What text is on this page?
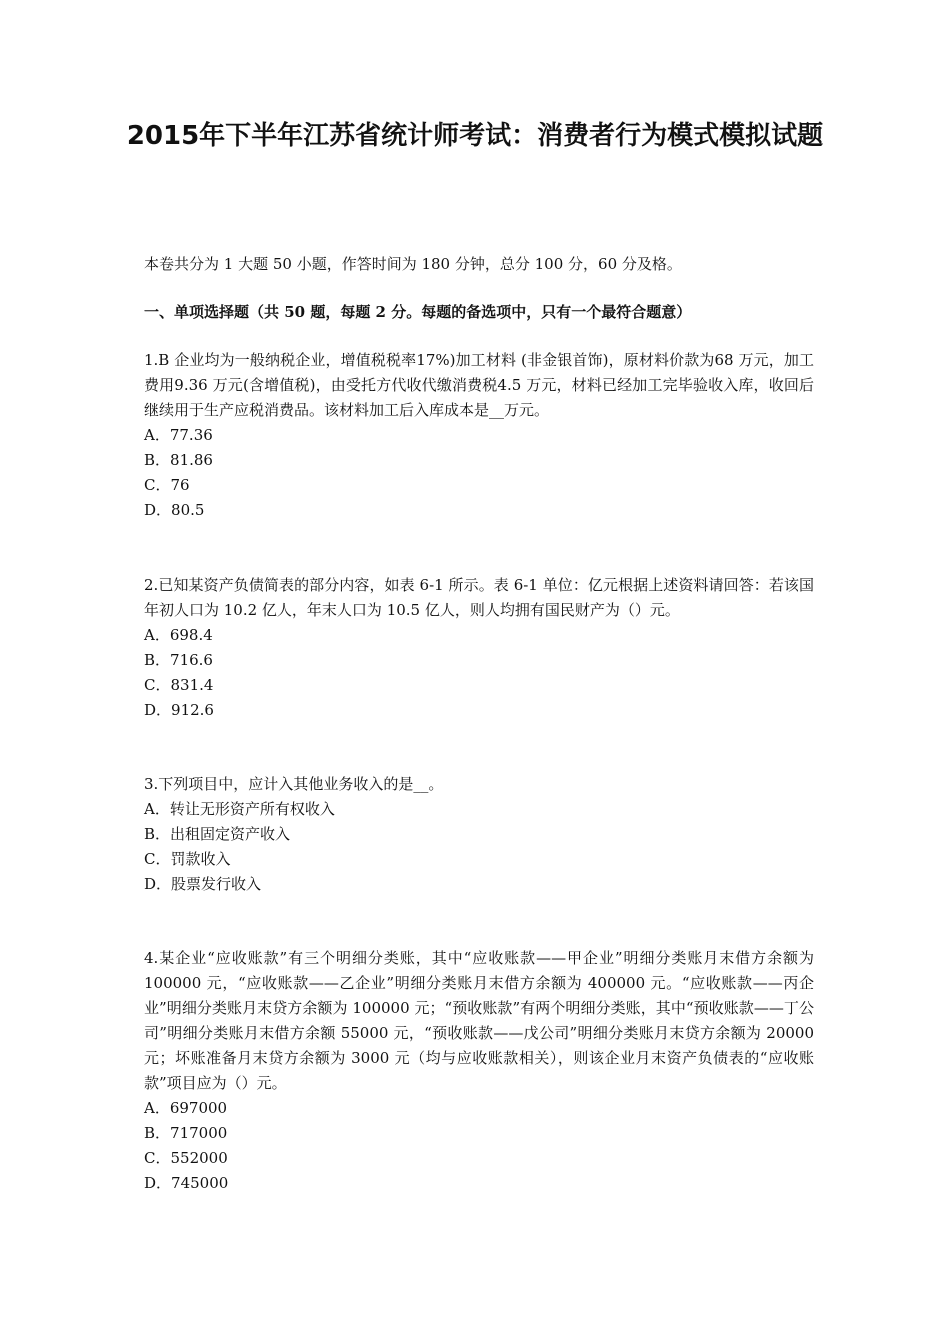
2015年下半年江苏省统计师考试：消费者行为模式模拟试题
本卷共分为 1 大题 50 小题，作答时间为 180 分钟，总分 100 分，60 分及格。
一、单项选择题（共 50 题，每题 2 分。每题的备选项中，只有一个最符合题意）

1.B 企业均为一般纳税企业，增值税税率17%)加工材料 (非金银首饰)，原材料价款为68 万元，加工费用9.36 万元(含增值税)，由受托方代收代缴消费税4.5 万元，材料已经加工完毕验收入库，收回后继续用于生产应税消费品。该材料加工后入库成本是__万元。

A．77.36

B．81.86

C．76

D．80.5

2.已知某资产负债简表的部分内容，如表 6-1 所示。表 6-1 单位：亿元根据上述资料请回答：若该国年初人口为 10.2 亿人，年末人口为 10.5 亿人，则人均拥有国民财产为（）元。

A．698.4

B．716.6

C．831.4

D．912.6

3.下列项目中，应计入其他业务收入的是__。

A．转让无形资产所有权收入

B．出租固定资产收入

C．罚款收入

D．股票发行收入

4.某企业“应收账款”有三个明细分类账，其中“应收账款——甲企业”明细分类账月末借方余额为 100000 元，“应收账款——乙企业”明细分类账月末借方余额为 400000 元。“应收账款——丙企业”明细分类账月末贷方余额为 100000 元；“预收账款”有两个明细分类账，其中“预收账款——丁公司”明细分类账月末借方余额 55000 元，“预收账款——戊公司”明细分类账月末贷方余额为 20000 元；坏账准备月末贷方余额为 3000 元（均与应收账款相关），则该企业月末资产负债表的“应收账款”项目应为（）元。

A．697000

B．717000

C．552000

D．745000
